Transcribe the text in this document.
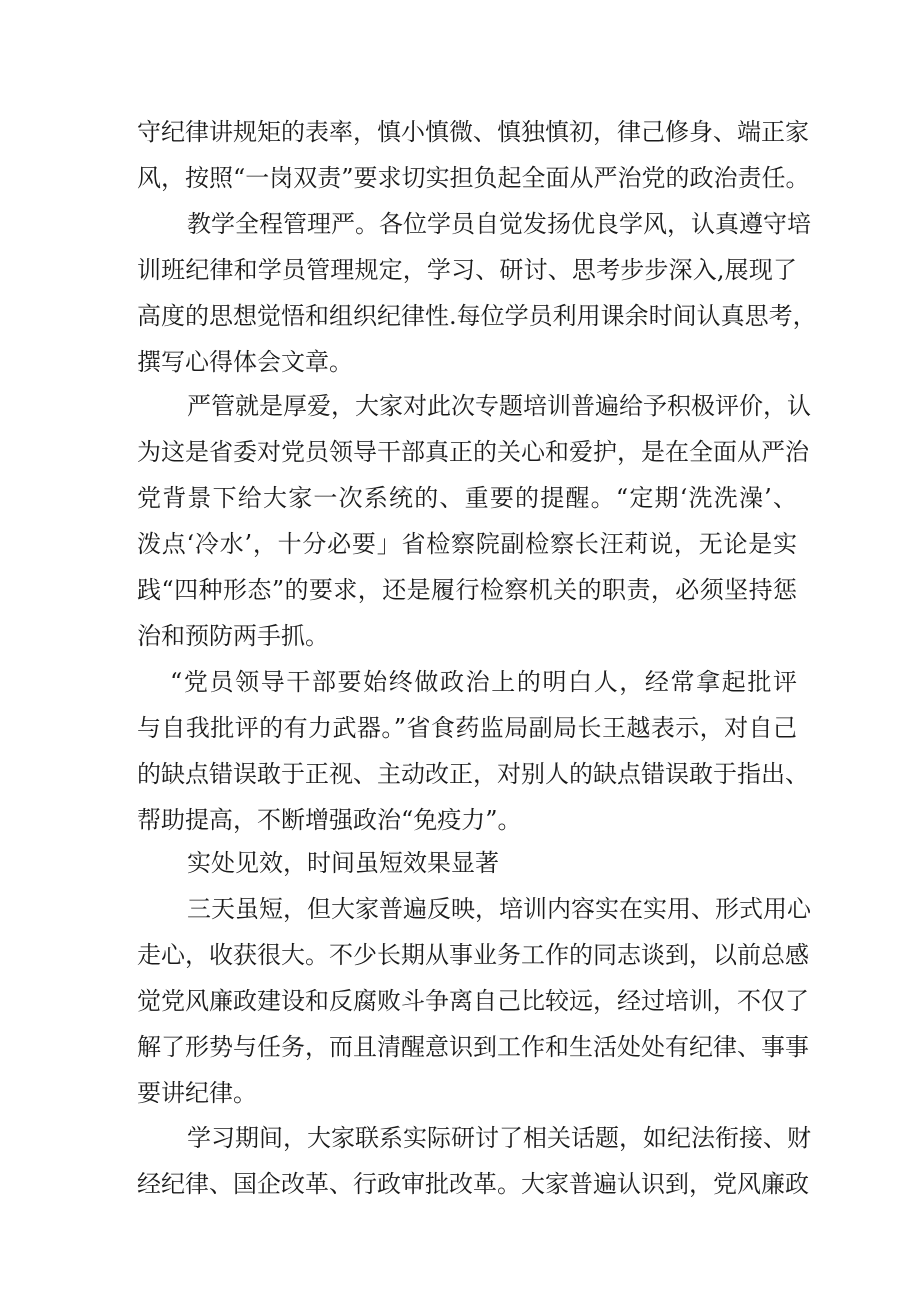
守纪律讲规矩的表率，慎小慎微、慎独慎初，律己修身、端正家
风，按照“一岗双责”要求切实担负起全面从严治党的政治责任。
教学全程管理严。各位学员自觉发扬优良学风，认真遵守培
训班纪律和学员管理规定，学习、研讨、思考步步深入,展现了
高度的思想觉悟和组织纪律性.每位学员利用课余时间认真思考，
撰写心得体会文章。
严管就是厚爱，大家对此次专题培训普遍给予积极评价，认
为这是省委对党员领导干部真正的关心和爱护，是在全面从严治
党背景下给大家一次系统的、重要的提醒。“定期‘洗洗澡’、
泼点‘冷水’，十分必要」省检察院副检察长汪莉说，无论是实
践“四种形态”的要求，还是履行检察机关的职责，必须坚持惩
治和预防两手抓。
“党员领导干部要始终做政治上的明白人，经常拿起批评
与自我批评的有力武器。”省食药监局副局长王越表示，对自己
的缺点错误敢于正视、主动改正，对别人的缺点错误敢于指出、
帮助提高，不断增强政治“免疫力”。
实处见效，时间虽短效果显著
三天虽短，但大家普遍反映，培训内容实在实用、形式用心
走心，收获很大。不少长期从事业务工作的同志谈到，以前总感
觉党风廉政建设和反腐败斗争离自己比较远，经过培训，不仅了
解了形势与任务，而且清醒意识到工作和生活处处有纪律、事事
要讲纪律。
学习期间，大家联系实际研讨了相关话题，如纪法衔接、财
经纪律、国企改革、行政审批改革。大家普遍认识到，党风廉政
